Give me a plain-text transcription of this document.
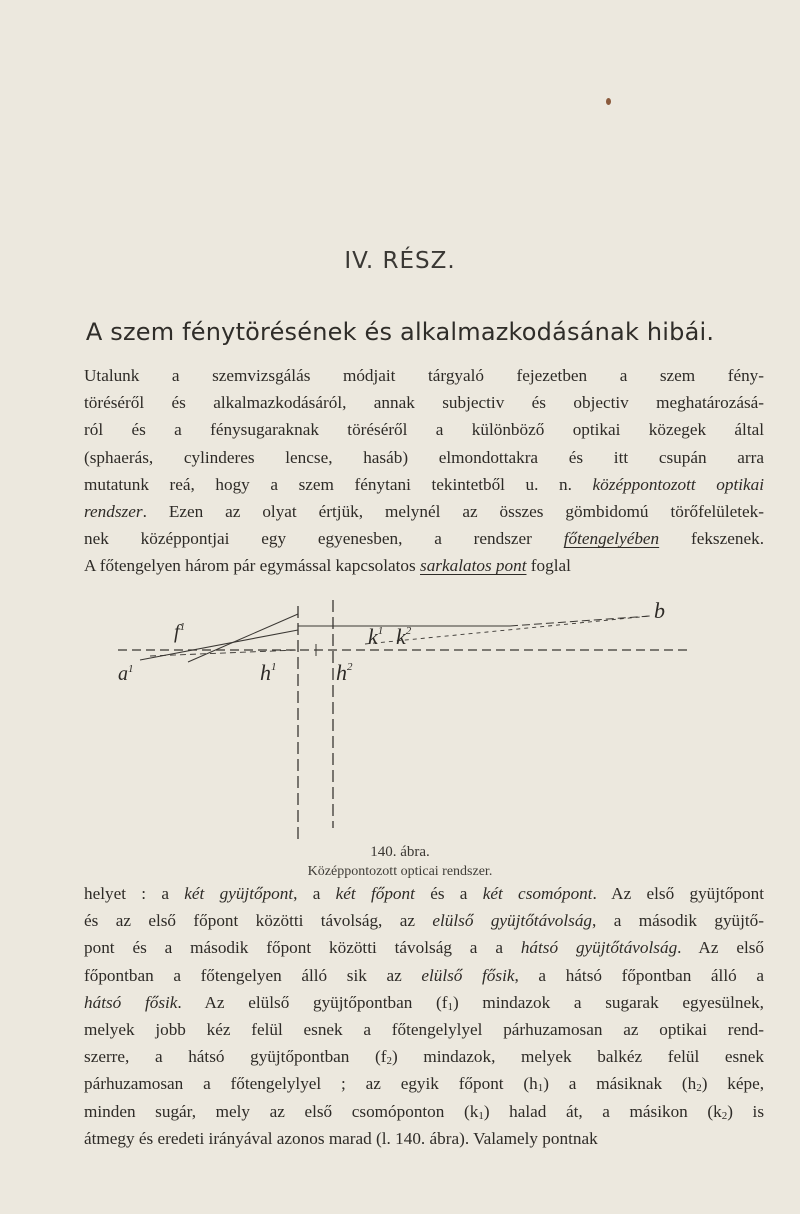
IV. RÉSZ.
A szem fénytörésének és alkalmazkodásának hibái.
Utalunk a szemvizsgálás módjait tárgyaló fejezetben a szem fény-
töréséről és alkalmazkodásáról, annak subjectiv és objectiv meghatározásá-
ról és a fénysugaraknak töréséről a különböző optikai közegek által
(sphaerás, cylinderes lencse, hasáb) elmondottakra és itt csupán arra
mutatunk reá, hogy a szem fénytani tekintetből u. n. középpontozott optikai
rendszer. Ezen az olyat értjük, melynél az összes gömbidomú törőfelületek-
nek középpontjai egy egyenesben, a rendszer főtengelyében fekszenek.
A főtengelyen három pár egymással kapcsolatos sarkalatos pont foglal
$f^1$
$a^1$	$h^1$	$h^2$
$k^1$ $k^2$
b
140. ábra.
Középpontozott opticai rendszer.
helyet : a két gyüjtőpont, a két főpont és a két csomópont. Az első gyüjtőpont
és az első főpont közötti távolság, az elülső gyüjtőtávolság, a második gyüjtő-
pont és a második főpont közötti távolság a a hátsó gyüjtőtávolság. Az első
főpontban a főtengelyen álló sik az elülső fősik, a hátsó főpontban álló a
hátsó fősik. Az elülső gyüjtőpontban $(f_1)$ mindazok a sugarak egyesülnek,
melyek jobb kéz felül esnek a főtengelylyel párhuzamosan az optikai rend-
szerre, a hátsó gyüjtőpontban $(f_2)$ mindazok, melyek balkéz felül esnek
párhuzamosan a főtengelylyel ; az egyik főpont $(h_1)$ a másiknak $(h_2)$ képe,
minden sugár, mely az első csomóponton $(k_1)$ halad át, a másikon $(k_2)$ is
átmegy és eredeti irányával azonos marad (l. 140. ábra). Valamely pontnak
